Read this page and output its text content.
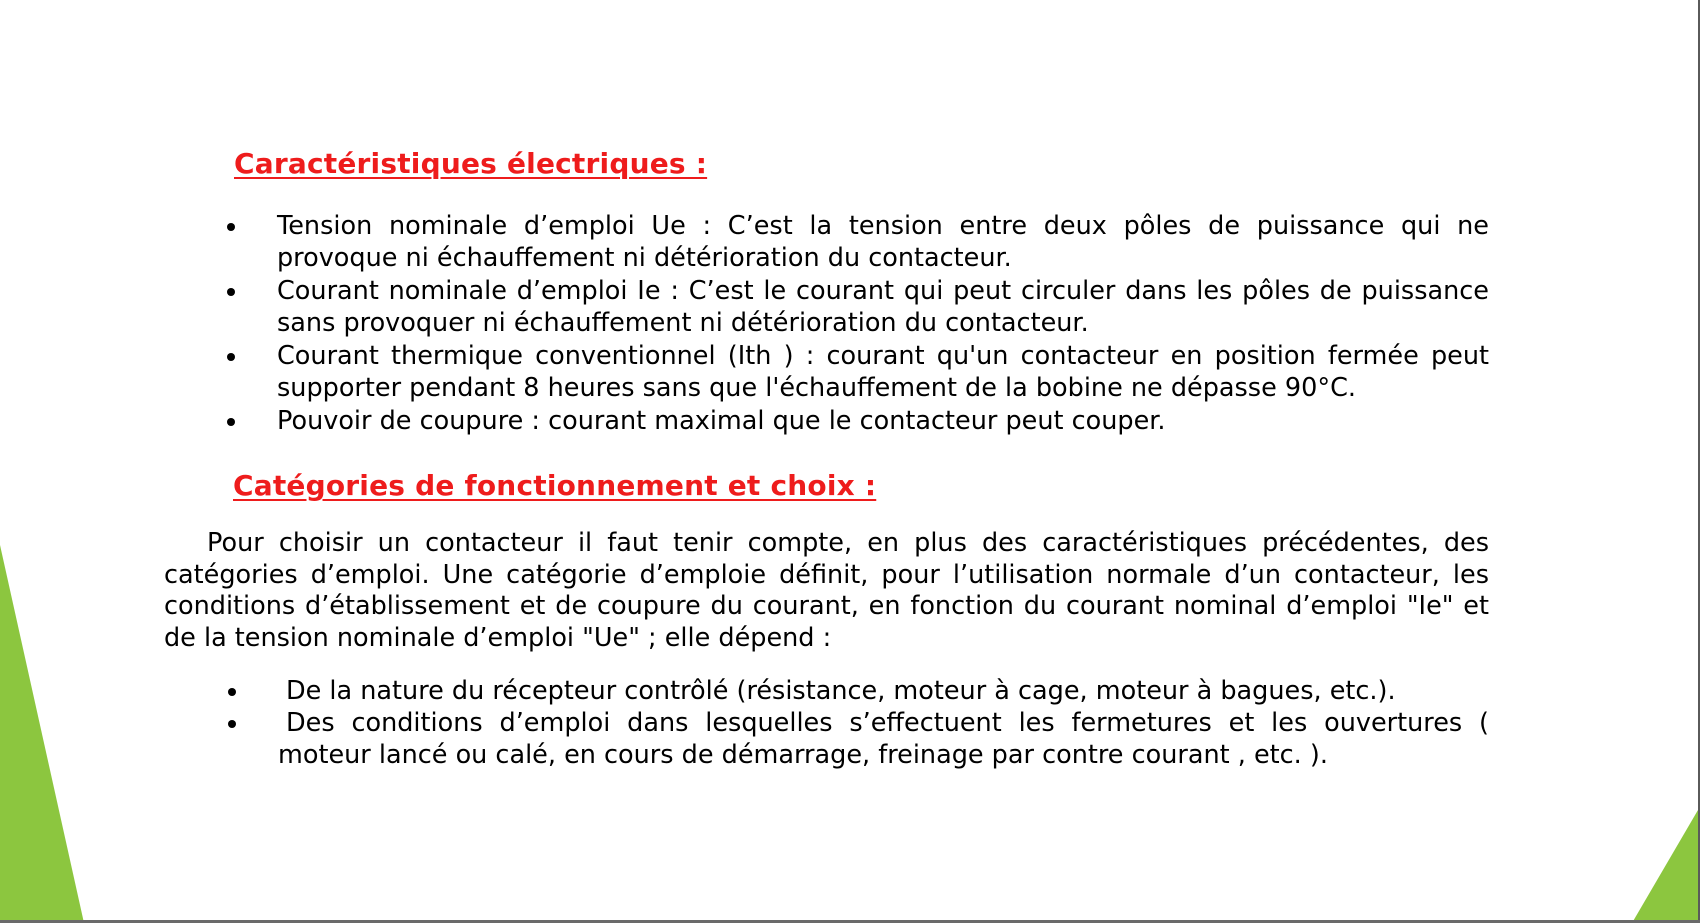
Caractéristiques électriques :
Tension nominale d’emploi Ue : C’est la tension entre deux pôles de puissance qui ne provoque ni échauffement ni détérioration du contacteur.
Courant nominale d’emploi Ie : C’est le courant qui peut circuler dans les pôles de puissance sans provoquer ni échauffement ni détérioration du contacteur.
Courant thermique conventionnel (Ith ) : courant qu'un contacteur en position fermée peut supporter pendant 8 heures sans que l'échauffement de la bobine ne dépasse 90°C.
Pouvoir de coupure : courant maximal que le contacteur peut couper.
Catégories de fonctionnement et choix :

Pour choisir un contacteur il faut tenir compte, en plus des caractéristiques précédentes, des catégories d’emploi. Une catégorie d’emploie définit, pour l’utilisation normale d’un contacteur, les conditions d’établissement et de coupure du courant, en fonction du courant nominal d’emploi "Ie" et de la tension nominale d’emploi "Ue" ; elle dépend :

De la nature du récepteur contrôlé (résistance, moteur à cage, moteur à bagues, etc.).
Des conditions d’emploi dans lesquelles s’effectuent les fermetures et les ouvertures ( moteur lancé ou calé, en cours de démarrage, freinage par contre courant , etc. ).
